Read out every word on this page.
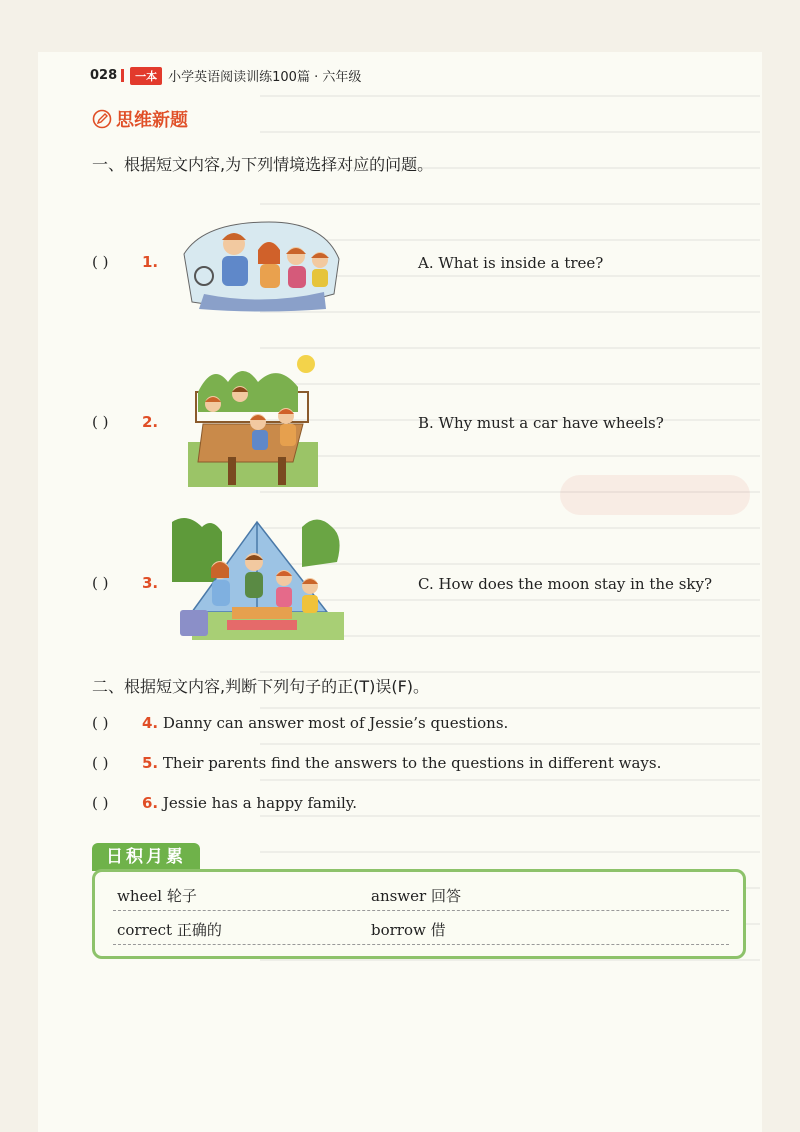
028	一本 小学英语阅读训练100篇 · 六年级
思维新题
一、根据短文内容,为下列情境选择对应的问题。
( ) 1.	A. What is inside a tree?
( ) 2.	B. Why must a car have wheels?
( ) 3.	C. How does the moon stay in the sky?
二、根据短文内容,判断下列句子的正(T)误(F)。
( ) 4. Danny can answer most of Jessie’s questions.
( ) 5. Their parents find the answers to the questions in different ways.
( ) 6. Jessie has a happy family.
日积月累
wheel 轮子	answer 回答
correct 正确的	borrow 借
